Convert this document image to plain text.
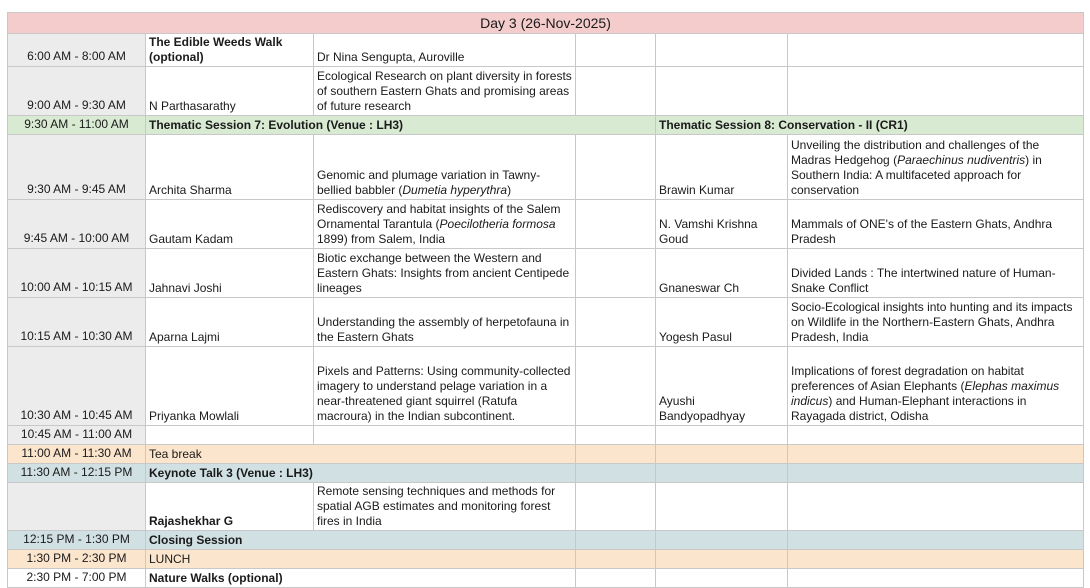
Day 3 (26-Nov-2025)					
6:00 AM - 8:00 AM	The Edible Weeds Walk (optional)	Dr Nina Sengupta, Auroville			
9:00 AM - 9:30 AM	N Parthasarathy	Ecological Research on plant diversity in forests of southern Eastern Ghats and promising areas of future research			
9:30 AM - 11:00 AM	Thematic Session 7: Evolution (Venue : LH3)			Thematic Session 8: Conservation - II (CR1)	
9:30 AM - 9:45 AM	Archita Sharma	Genomic and plumage variation in Tawny-bellied babbler (Dumetia hyperythra)		Brawin Kumar	Unveiling the distribution and challenges of the Madras Hedgehog (Paraechinus nudiventris) in Southern India: A multifaceted approach for conservation
9:45 AM - 10:00 AM	Gautam Kadam	Rediscovery and habitat insights of the Salem Ornamental Tarantula (Poecilotheria formosa 1899) from Salem, India		N. Vamshi Krishna Goud	Mammals of ONE's of the Eastern Ghats, Andhra Pradesh
10:00 AM - 10:15 AM	Jahnavi Joshi	Biotic exchange between the Western and Eastern Ghats: Insights from ancient Centipede lineages		Gnaneswar Ch	Divided Lands : The intertwined nature of Human-Snake Conflict
10:15 AM - 10:30 AM	Aparna Lajmi	Understanding the assembly of herpetofauna in the Eastern Ghats		Yogesh Pasul	Socio-Ecological insights into hunting and its impacts on Wildlife in the Northern-Eastern Ghats, Andhra Pradesh, India
10:30 AM - 10:45 AM	Priyanka Mowlali	Pixels and Patterns: Using community-collected imagery to understand pelage variation in a near-threatened giant squirrel (Ratufa macroura) in the Indian subcontinent.		Ayushi Bandyopadhyay	Implications of forest degradation on habitat preferences of Asian Elephants (Elephas maximus indicus) and Human-Elephant interactions in Rayagada district, Odisha
10:45 AM - 11:00 AM					
11:00 AM - 11:30 AM	Tea break				
11:30 AM - 12:15 PM	Keynote Talk 3 (Venue : LH3)				
	Rajashekhar G	Remote sensing techniques and methods for spatial AGB estimates and monitoring forest fires in India			
12:15 PM - 1:30 PM	Closing Session				
1:30 PM - 2:30 PM	LUNCH				
2:30 PM - 7:00 PM	Nature Walks (optional)				
